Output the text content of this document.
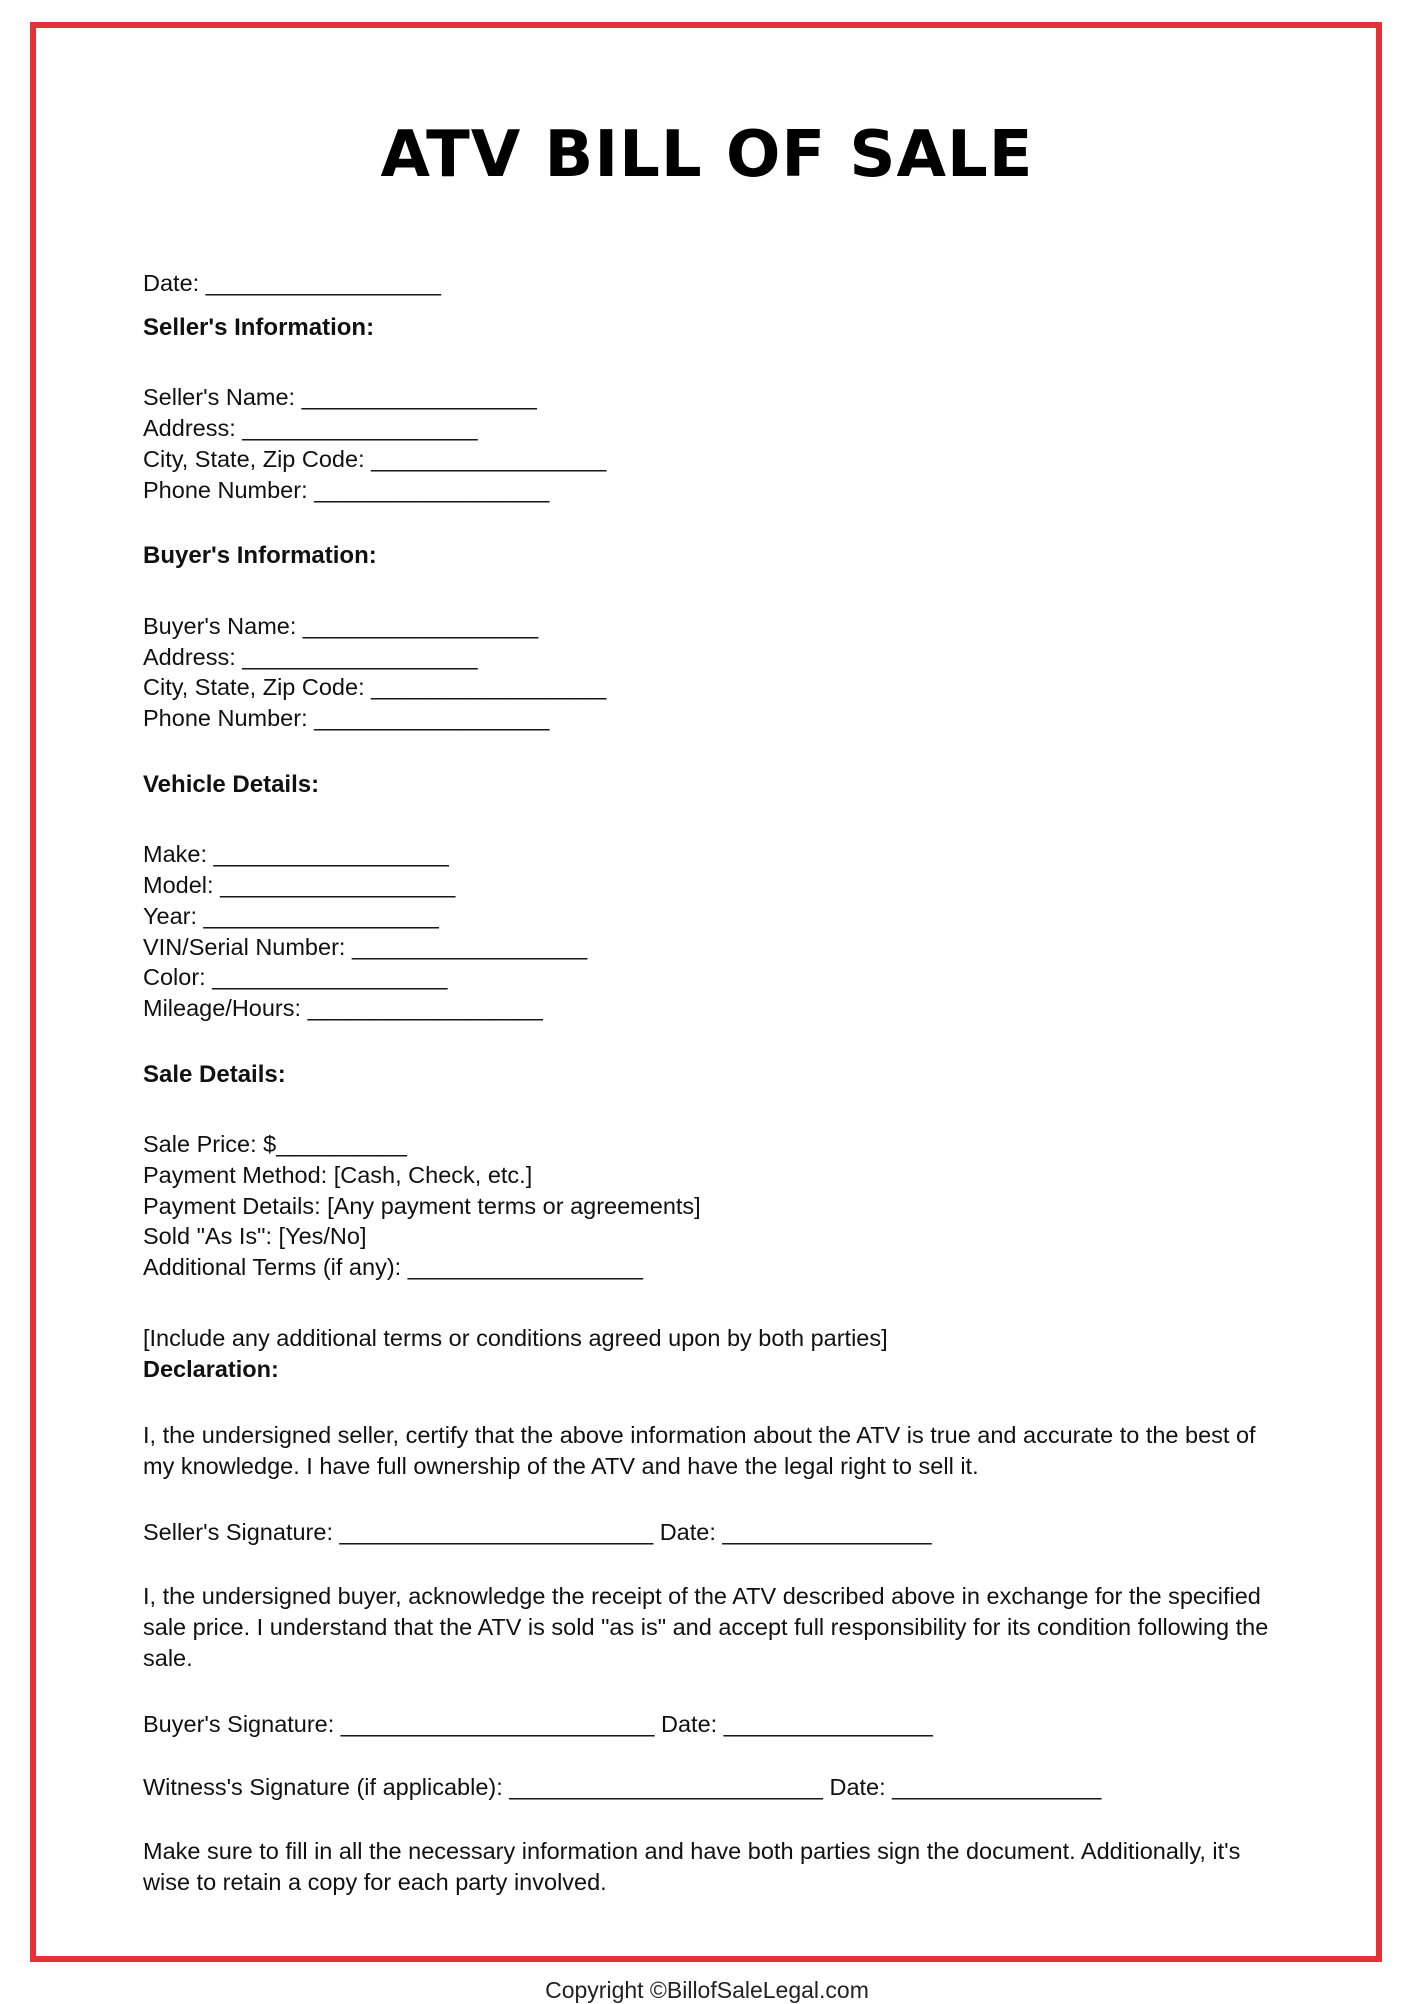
ATV BILL OF SALE

Date: __________________

Seller's Information:

Seller's Name: __________________

Address: __________________

City, State, Zip Code: __________________

Phone Number: __________________

Buyer's Information:

Buyer's Name: __________________

Address: __________________

City, State, Zip Code: __________________

Phone Number: __________________

Vehicle Details:

Make: __________________

Model: __________________

Year: __________________

VIN/Serial Number: __________________

Color: __________________

Mileage/Hours: __________________

Sale Details:

Sale Price: $__________

Payment Method: [Cash, Check, etc.]

Payment Details: [Any payment terms or agreements]

Sold "As Is": [Yes/No]

Additional Terms (if any): __________________

[Include any additional terms or conditions agreed upon by both parties]

Declaration:

I, the undersigned seller, certify that the above information about the ATV is true and accurate to the best of my knowledge. I have full ownership of the ATV and have the legal right to sell it.

Seller's Signature: ________________________ Date: ________________

I, the undersigned buyer, acknowledge the receipt of the ATV described above in exchange for the specified sale price. I understand that the ATV is sold "as is" and accept full responsibility for its condition following the sale.

Buyer's Signature: ________________________ Date: ________________

Witness's Signature (if applicable): ________________________ Date: ________________

Make sure to fill in all the necessary information and have both parties sign the document. Additionally, it's wise to retain a copy for each party involved.

Copyright ©BillofSaleLegal.com
